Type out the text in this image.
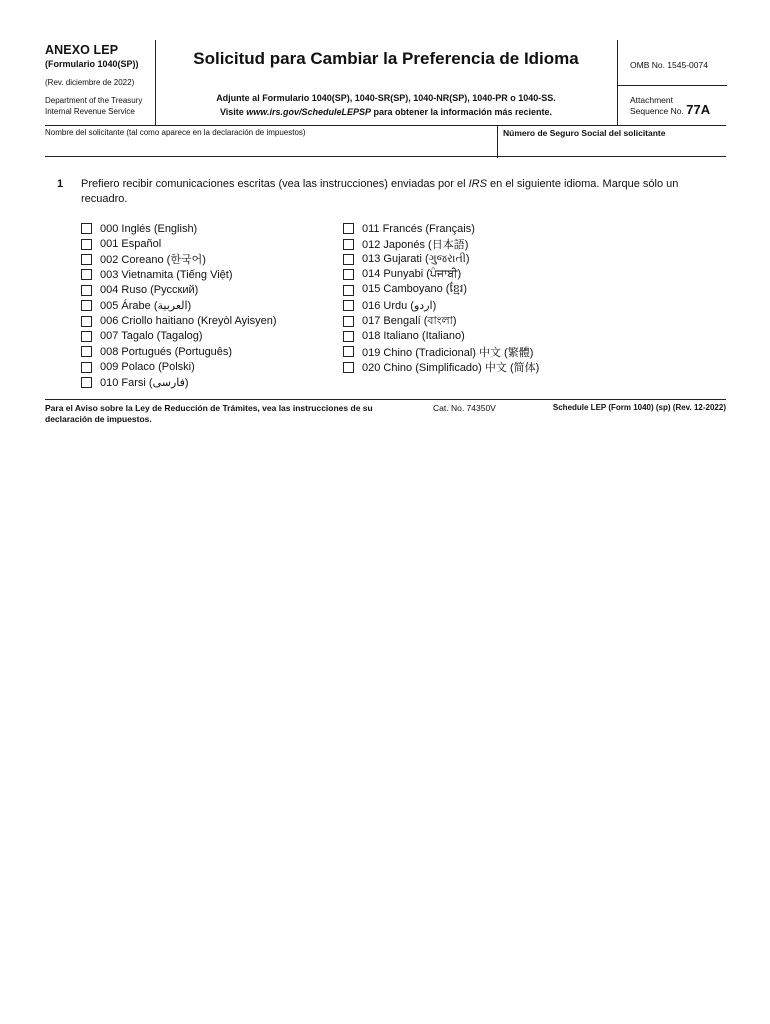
ANEXO LEP
(Formulario 1040(SP))
(Rev. diciembre de 2022)
Department of the Treasury
Internal Revenue Service
Solicitud para Cambiar la Preferencia de Idioma
Adjunte al Formulario 1040(SP), 1040-SR(SP), 1040-NR(SP), 1040-PR o 1040-SS.
Visite www.irs.gov/ScheduleLEPSP para obtener la información más reciente.
OMB No. 1545-0074
Attachment
Sequence No. 77A
Nombre del solicitante (tal como aparece en la declaración de impuestos)	Número de Seguro Social del solicitante
1 Prefiero recibir comunicaciones escritas (vea las instrucciones) enviadas por el IRS en el siguiente idioma. Marque sólo un recuadro.
000 Inglés (English)
001 Español
002 Coreano (한국어)
003 Vietnamita (Tiếng Việt)
004 Ruso (Русский)
005 Árabe (العربية)
006 Criollo haitiano (Kreyòl Ayisyen)
007 Tagalo (Tagalog)
008 Portugués (Português)
009 Polaco (Polski)
010 Farsi (فارسی)
011 Francés (Français)
012 Japonés (日本語)
013 Gujarati (ગુજરાતી)
014 Punyabi (ਪੰਜਾਬੀ)
015 Camboyano (ខ្មែរ)
016 Urdu (اردو)
017 Bengalí (বাংলা)
018 Italiano (Italiano)
019 Chino (Tradicional) 中文 (繁體)
020 Chino (Simplificado) 中文 (简体)
Para el Aviso sobre la Ley de Reducción de Trámites, vea las instrucciones de su declaración de impuestos.
Cat. No. 74350V	Schedule LEP (Form 1040) (sp) (Rev. 12-2022)
